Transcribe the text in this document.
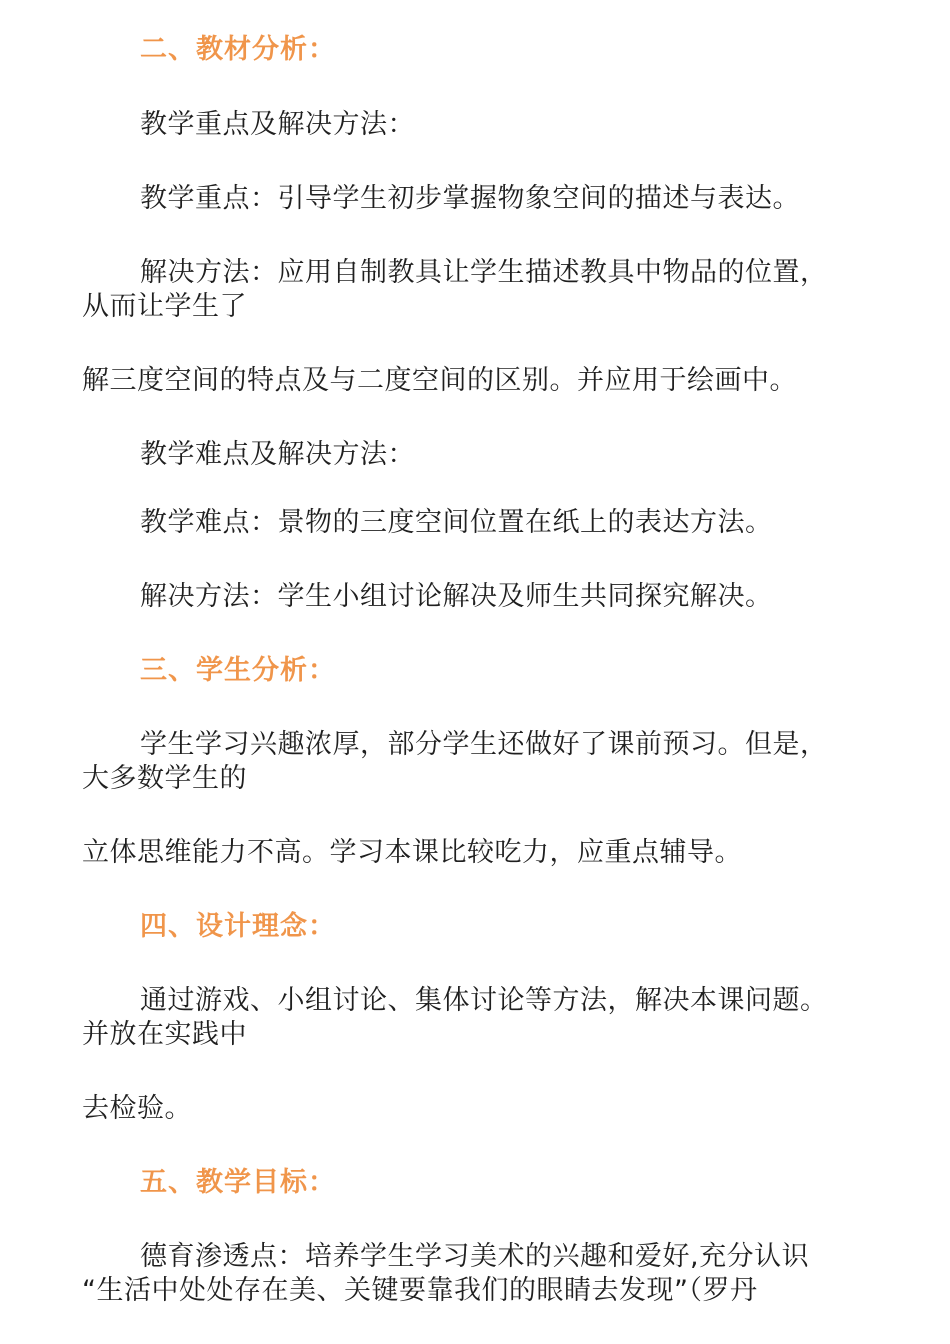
二、教材分析：
教学重点及解决方法：
教学重点：引导学生初步掌握物象空间的描述与表达。
解决方法：应用自制教具让学生描述教具中物品的位置，
从而让学生了
解三度空间的特点及与二度空间的区别。并应用于绘画中。
教学难点及解决方法：
教学难点：景物的三度空间位置在纸上的表达方法。
解决方法：学生小组讨论解决及师生共同探究解决。
三、学生分析：
学生学习兴趣浓厚，部分学生还做好了课前预习。但是，
大多数学生的
立体思维能力不高。学习本课比较吃力，应重点辅导。
四、设计理念：
通过游戏、小组讨论、集体讨论等方法，解决本课问题。
并放在实践中
去检验。
五、教学目标：
德育渗透点：培养学生学习美术的兴趣和爱好,充分认识
“生活中处处存在美、关键要靠我们的眼睛去发现”（罗丹
